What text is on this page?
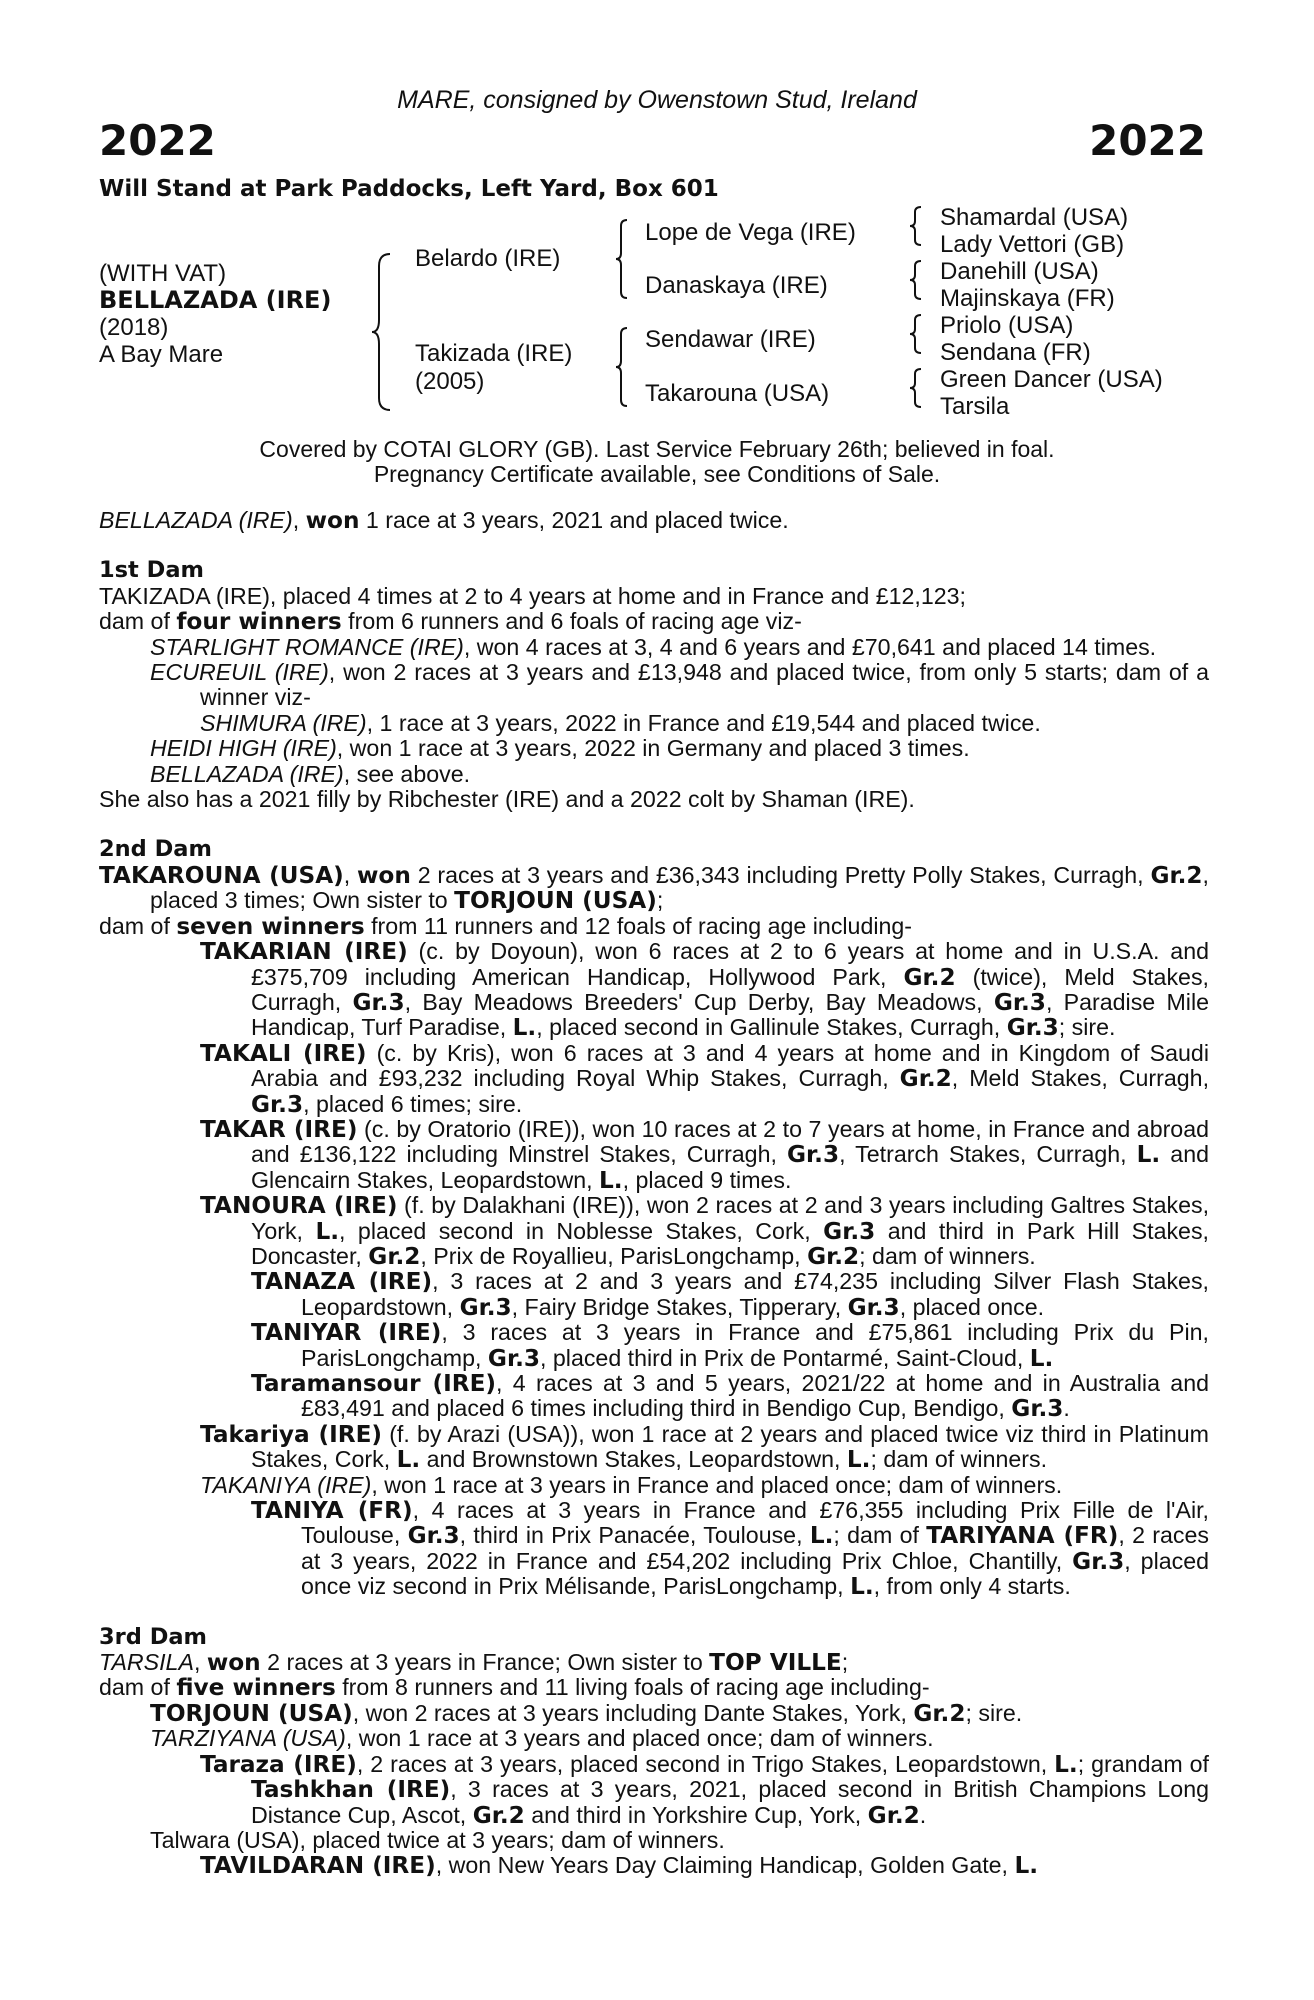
MARE, consigned by Owenstown Stud, Ireland
2022	2022
Will Stand at Park Paddocks, Left Yard, Box 601
(WITH VAT)
BELLAZADA (IRE)
(2018)
A Bay Mare
Belardo (IRE)
Takizada (IRE)
(2005)
Lope de Vega (IRE)
Danaskaya (IRE)
Sendawar (IRE)
Takarouna (USA)
Shamardal (USA)
Lady Vettori (GB)
Danehill (USA)
Majinskaya (FR)
Priolo (USA)
Sendana (FR)
Green Dancer (USA)
Tarsila
Covered by COTAI GLORY (GB). Last Service February 26th; believed in foal.
Pregnancy Certificate available, see Conditions of Sale.

BELLAZADA (IRE), won 1 race at 3 years, 2021 and placed twice.

1st Dam

TAKIZADA (IRE), placed 4 times at 2 to 4 years at home and in France and £12,123;

dam of four winners from 6 runners and 6 foals of racing age viz-

STARLIGHT ROMANCE (IRE), won 4 races at 3, 4 and 6 years and £70,641 and placed 14 times.

ECUREUIL (IRE), won 2 races at 3 years and £13,948 and placed twice, from only 5 starts; dam of a winner viz-

SHIMURA (IRE), 1 race at 3 years, 2022 in France and £19,544 and placed twice.

HEIDI HIGH (IRE), won 1 race at 3 years, 2022 in Germany and placed 3 times.

BELLAZADA (IRE), see above.

She also has a 2021 filly by Ribchester (IRE) and a 2022 colt by Shaman (IRE).

2nd Dam

TAKAROUNA (USA), won 2 races at 3 years and £36,343 including Pretty Polly Stakes, Curragh, Gr.2, placed 3 times; Own sister to TORJOUN (USA);

dam of seven winners from 11 runners and 12 foals of racing age including-

TAKARIAN (IRE) (c. by Doyoun), won 6 races at 2 to 6 years at home and in U.S.A. and £375,709 including American Handicap, Hollywood Park, Gr.2 (twice), Meld Stakes, Curragh, Gr.3, Bay Meadows Breeders' Cup Derby, Bay Meadows, Gr.3, Paradise Mile Handicap, Turf Paradise, L., placed second in Gallinule Stakes, Curragh, Gr.3; sire.

TAKALI (IRE) (c. by Kris), won 6 races at 3 and 4 years at home and in Kingdom of Saudi Arabia and £93,232 including Royal Whip Stakes, Curragh, Gr.2, Meld Stakes, Curragh, Gr.3, placed 6 times; sire.

TAKAR (IRE) (c. by Oratorio (IRE)), won 10 races at 2 to 7 years at home, in France and abroad and £136,122 including Minstrel Stakes, Curragh, Gr.3, Tetrarch Stakes, Curragh, L. and Glencairn Stakes, Leopardstown, L., placed 9 times.

TANOURA (IRE) (f. by Dalakhani (IRE)), won 2 races at 2 and 3 years including Galtres Stakes, York, L., placed second in Noblesse Stakes, Cork, Gr.3 and third in Park Hill Stakes, Doncaster, Gr.2, Prix de Royallieu, ParisLongchamp, Gr.2; dam of winners.

TANAZA (IRE), 3 races at 2 and 3 years and £74,235 including Silver Flash Stakes, Leopardstown, Gr.3, Fairy Bridge Stakes, Tipperary, Gr.3, placed once.

TANIYAR (IRE), 3 races at 3 years in France and £75,861 including Prix du Pin, ParisLongchamp, Gr.3, placed third in Prix de Pontarmé, Saint-Cloud, L.

Taramansour (IRE), 4 races at 3 and 5 years, 2021/22 at home and in Australia and £83,491 and placed 6 times including third in Bendigo Cup, Bendigo, Gr.3.

Takariya (IRE) (f. by Arazi (USA)), won 1 race at 2 years and placed twice viz third in Platinum Stakes, Cork, L. and Brownstown Stakes, Leopardstown, L.; dam of winners.

TAKANIYA (IRE), won 1 race at 3 years in France and placed once; dam of winners.

TANIYA (FR), 4 races at 3 years in France and £76,355 including Prix Fille de l'Air, Toulouse, Gr.3, third in Prix Panacée, Toulouse, L.; dam of TARIYANA (FR), 2 races at 3 years, 2022 in France and £54,202 including Prix Chloe, Chantilly, Gr.3, placed once viz second in Prix Mélisande, ParisLongchamp, L., from only 4 starts.

3rd Dam

TARSILA, won 2 races at 3 years in France; Own sister to TOP VILLE;

dam of five winners from 8 runners and 11 living foals of racing age including-

TORJOUN (USA), won 2 races at 3 years including Dante Stakes, York, Gr.2; sire.

TARZIYANA (USA), won 1 race at 3 years and placed once; dam of winners.

Taraza (IRE), 2 races at 3 years, placed second in Trigo Stakes, Leopardstown, L.; grandam of Tashkhan (IRE), 3 races at 3 years, 2021, placed second in British Champions Long Distance Cup, Ascot, Gr.2 and third in Yorkshire Cup, York, Gr.2.

Talwara (USA), placed twice at 3 years; dam of winners.

TAVILDARAN (IRE), won New Years Day Claiming Handicap, Golden Gate, L.
